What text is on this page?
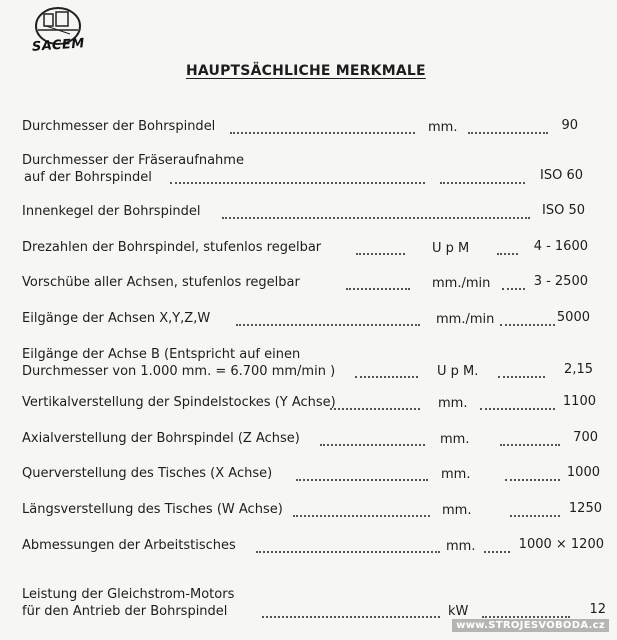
SACEM
HAUPTSÄCHLICHE MERKMALE
Durchmesser der Bohrspindel	mm.	90
Durchmesser der Fräseraufnahme
auf der Bohrspindel	ISO 60
Innenkegel der Bohrspindel	ISO 50
Drezahlen der Bohrspindel, stufenlos regelbar	U p M	4 - 1600
Vorschübe aller Achsen, stufenlos regelbar	mm./min	3 - 2500
Eilgänge der Achsen X,Y,Z,W	mm./min	5000
Eilgänge der Achse B (Entspricht auf einen
Durchmesser von 1.000 mm. = 6.700 mm/min )	U p M.	2,15
Vertikalverstellung der Spindelstockes (Y Achse)	mm.	1100
Axialverstellung der Bohrspindel (Z Achse)	mm.	700
Querverstellung des Tisches (X Achse)	mm.	1000
Längsverstellung des Tisches (W Achse)	mm.	1250
Abmessungen der Arbeitstisches	mm.	1000 × 1200
Leistung der Gleichstrom-Motors
für den Antrieb der Bohrspindel	kW	12
www.STROJESVOBODA.cz
